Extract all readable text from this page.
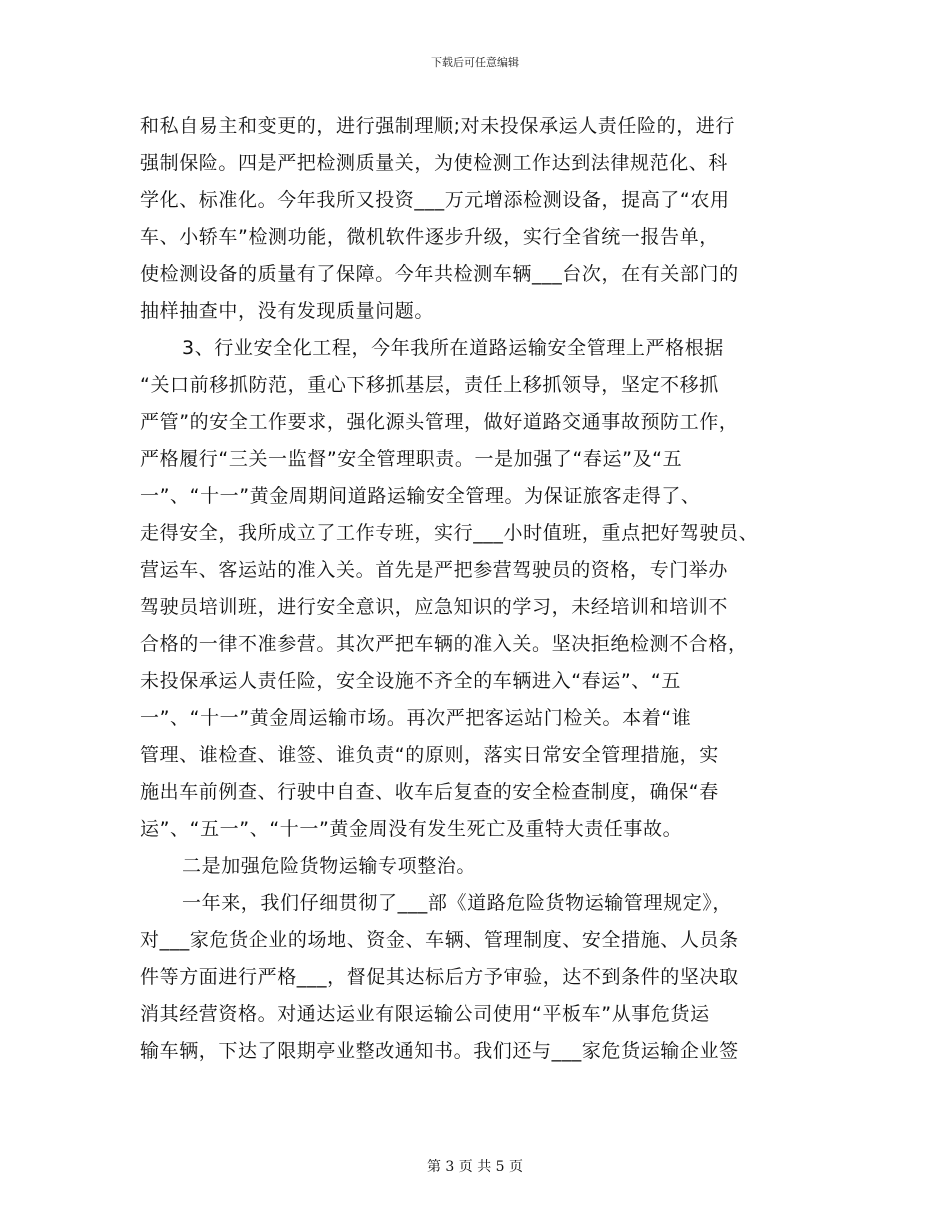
下载后可任意编辑
和私自易主和变更的，进行强制理顺;对未投保承运人责任险的，进行
强制保险。四是严把检测质量关，为使检测工作达到法律规范化、科
学化、标准化。今年我所又投资___万元增添检测设备，提高了“农用
车、小轿车”检测功能，微机软件逐步升级，实行全省统一报告单，
使检测设备的质量有了保障。今年共检测车辆___台次，在有关部门的
抽样抽查中，没有发现质量问题。
3、行业安全化工程，今年我所在道路运输安全管理上严格根据
“关口前移抓防范，重心下移抓基层，责任上移抓领导，坚定不移抓
严管”的安全工作要求，强化源头管理，做好道路交通事故预防工作，
严格履行“三关一监督”安全管理职责。一是加强了“春运”及“五
一”、“十一”黄金周期间道路运输安全管理。为保证旅客走得了、
走得安全，我所成立了工作专班，实行___小时值班，重点把好驾驶员、
营运车、客运站的准入关。首先是严把参营驾驶员的资格，专门举办
驾驶员培训班，进行安全意识，应急知识的学习，未经培训和培训不
合格的一律不准参营。其次严把车辆的准入关。坚决拒绝检测不合格，
未投保承运人责任险，安全设施不齐全的车辆进入“春运”、“五
一”、“十一”黄金周运输市场。再次严把客运站门检关。本着“谁
管理、谁检查、谁签、谁负责“的原则，落实日常安全管理措施，实
施出车前例查、行驶中自查、收车后复查的安全检查制度，确保“春
运”、“五一”、“十一”黄金周没有发生死亡及重特大责任事故。
二是加强危险货物运输专项整治。
一年来，我们仔细贯彻了___部《道路危险货物运输管理规定》，
对___家危货企业的场地、资金、车辆、管理制度、安全措施、人员条
件等方面进行严格___，督促其达标后方予审验，达不到条件的坚决取
消其经营资格。对通达运业有限运输公司使用“平板车”从事危货运
输车辆，下达了限期亭业整改通知书。我们还与___家危货运输企业签
第 3 页 共 5 页
